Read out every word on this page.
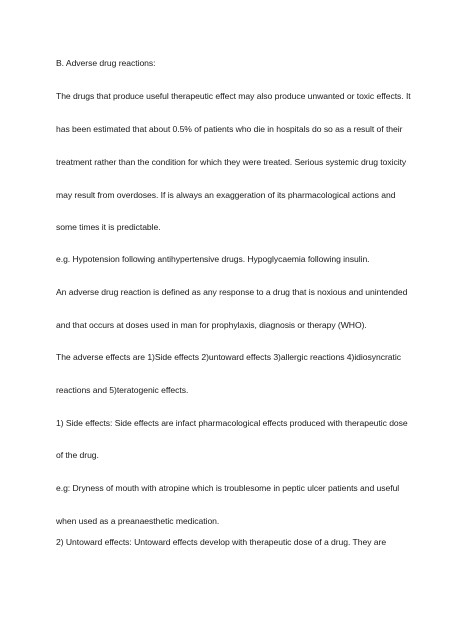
B. Adverse drug reactions:
The drugs that produce useful therapeutic effect may also produce unwanted or toxic effects. It
has been estimated that about 0.5% of patients who die in hospitals do so as a result of their
treatment rather than the condition for which they were treated. Serious systemic drug toxicity
may result from overdoses. If is always an exaggeration of its pharmacological actions and
some times it is predictable.
e.g. Hypotension following antihypertensive drugs. Hypoglycaemia following insulin.
An adverse drug reaction is defined as any response to a drug that is noxious and unintended
and that occurs at doses used in man for prophylaxis, diagnosis or therapy (WHO).
The adverse effects are 1)Side effects 2)untoward effects 3)allergic reactions 4)idiosyncratic
reactions and 5)teratogenic effects.
1) Side effects: Side effects are infact pharmacological effects produced with therapeutic dose
of the drug.
e.g: Dryness of mouth with atropine which is troublesome in peptic ulcer patients and useful
when used as a preanaesthetic medication.
2) Untoward effects: Untoward effects develop with therapeutic dose of a drug. They are
